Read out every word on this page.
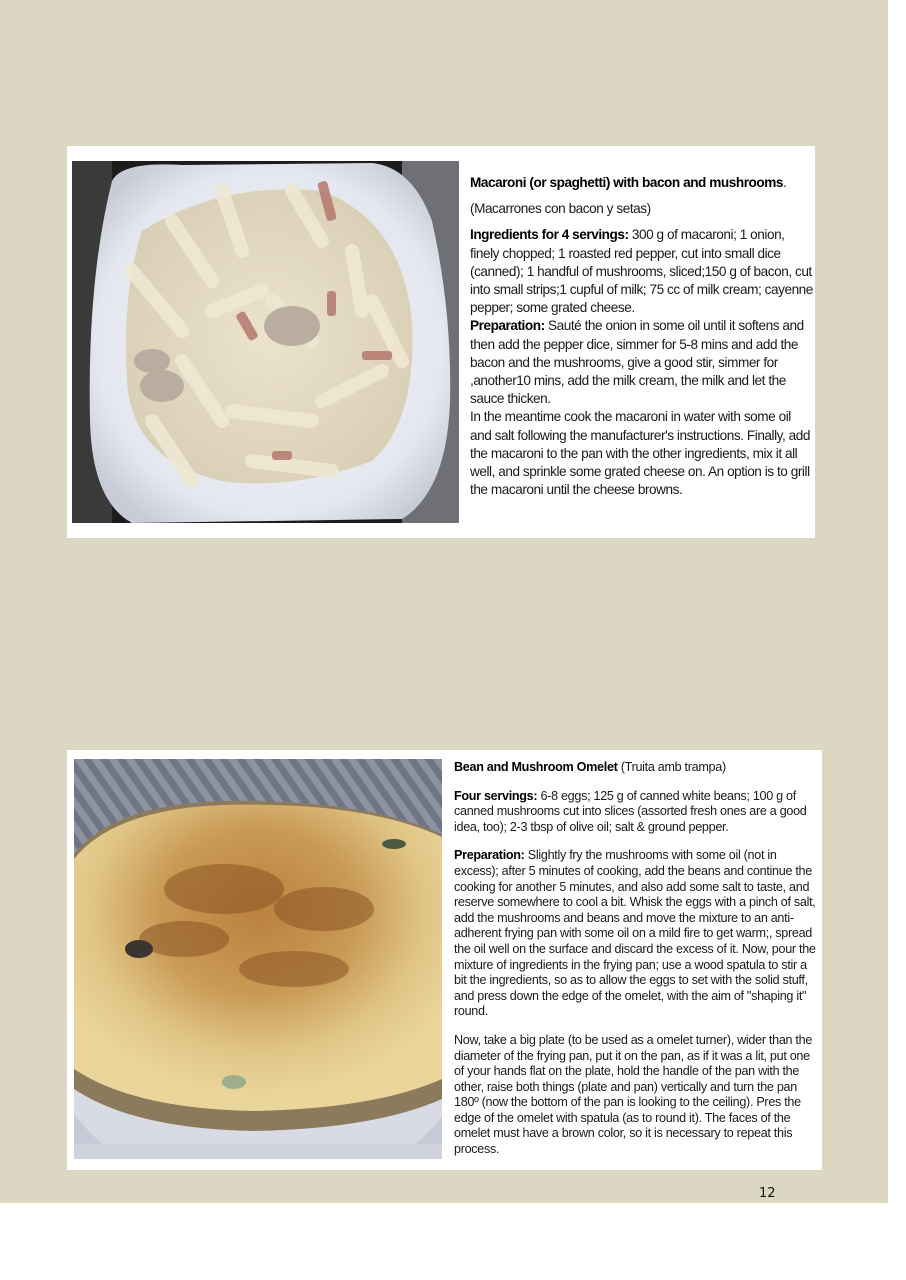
Macaroni (or spaghetti) with bacon and mushrooms.

(Macarrones con bacon y setas)

Ingredients for 4 servings: 300 g of macaroni; 1 onion, finely chopped; 1 roasted red pepper, cut into small dice (canned); 1 handful of mushrooms, sliced;150 g of bacon, cut into small strips;1 cupful of milk; 75 cc of milk cream; cayenne pepper; some grated cheese.

Preparation: Sauté the onion in some oil until it softens and then add the pepper dice, simmer for 5-8 mins and add the bacon and the mushrooms, give a good stir, simmer for ,another10 mins, add the milk cream, the milk and let the sauce thicken.

In the meantime cook the macaroni in water with some oil and salt following the manufacturer's instructions. Finally, add the macaroni to the pan with the other ingredients, mix it all well, and sprinkle some grated cheese on. An option is to grill the macaroni until the cheese browns.

Bean and Mushroom Omelet (Truita amb trampa)

Four servings: 6-8 eggs; 125 g of canned white beans; 100 g of canned mushrooms cut into slices (assorted fresh ones are a good idea, too); 2-3 tbsp of olive oil; salt & ground pepper.

Preparation: Slightly fry the mushrooms with some oil (not in excess); after 5 minutes of cooking, add the beans and continue the cooking for another 5 minutes, and also add some salt to taste, and reserve somewhere to cool a bit. Whisk the eggs with a pinch of salt, add the mushrooms and beans and move the mixture to an anti-adherent frying pan with some oil on a mild fire to get warm;, spread the oil well on the surface and discard the excess of it. Now, pour the mixture of ingredients in the frying pan; use a wood spatula to stir a bit the ingredients, so as to allow the eggs to set with the solid stuff, and press down the edge of the omelet, with the aim of "shaping it" round.

Now, take a big plate (to be used as a omelet turner), wider than the diameter of the frying pan, put it on the pan, as if it was a lit, put one of your hands flat on the plate, hold the handle of the pan with the other, raise both things (plate and pan) vertically and turn the pan 180º (now the bottom of the pan is looking to the ceiling). Pres the edge of the omelet with spatula (as to round it). The faces of the omelet must have a brown color, so it is necessary to repeat this process.

12
